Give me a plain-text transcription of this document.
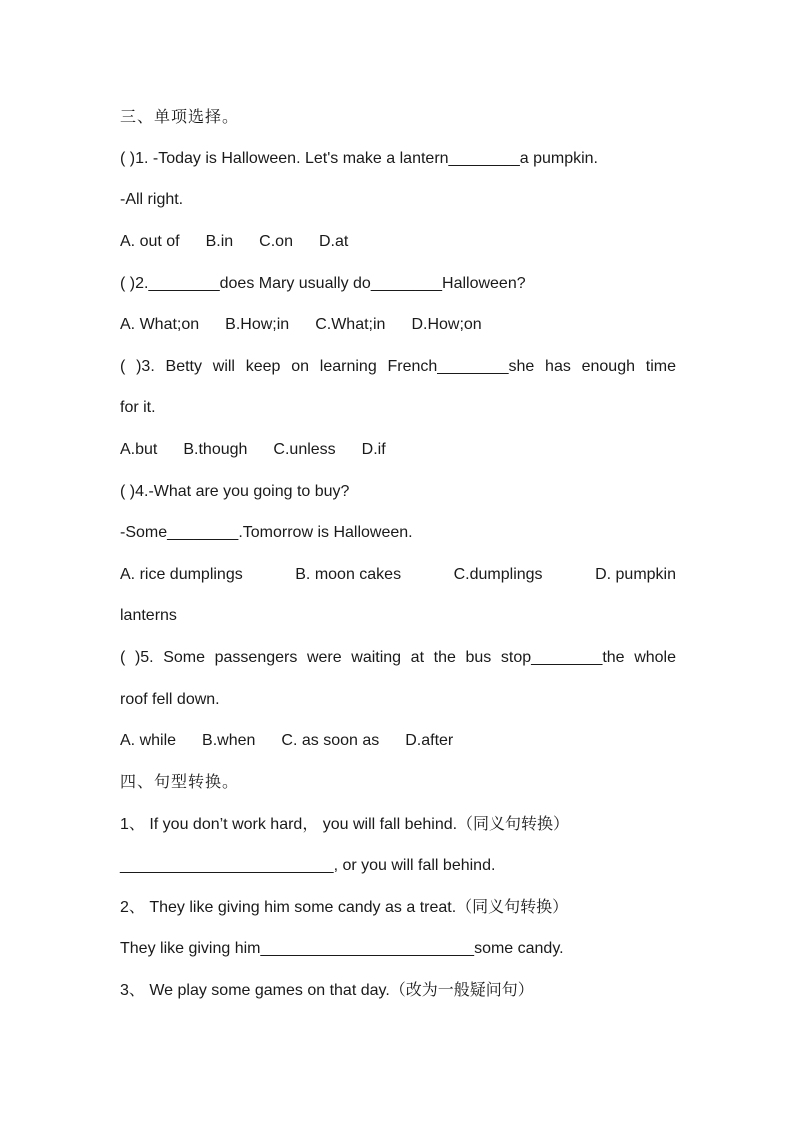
三、单项选择。
( )1. -Today is Halloween. Let's make a lantern________a pumpkin.
-All right.
A. out of B.in C.on D.at
( )2.________does Mary usually do________Halloween?
A. What;on B.How;in C.What;in D.How;on
( )3. Betty will keep on learning French________she has enough time
for it.
A.but B.though C.unless D.if
( )4.-What are you going to buy?
-Some________.Tomorrow is Halloween.
A. rice dumplings	B. moon cakes	C.dumplings	D. pumpkin
lanterns
( )5. Some passengers were waiting at the bus stop________the whole
roof fell down.
A. while B.when C. as soon as D.after
四、句型转换。
1、 If you don’t work hard， you will fall behind.（同义句转换）
________________________, or you will fall behind.
2、 They like giving him some candy as a treat.（同义句转换）
They like giving him________________________some candy.
3、 We play some games on that day.（改为一般疑问句）
